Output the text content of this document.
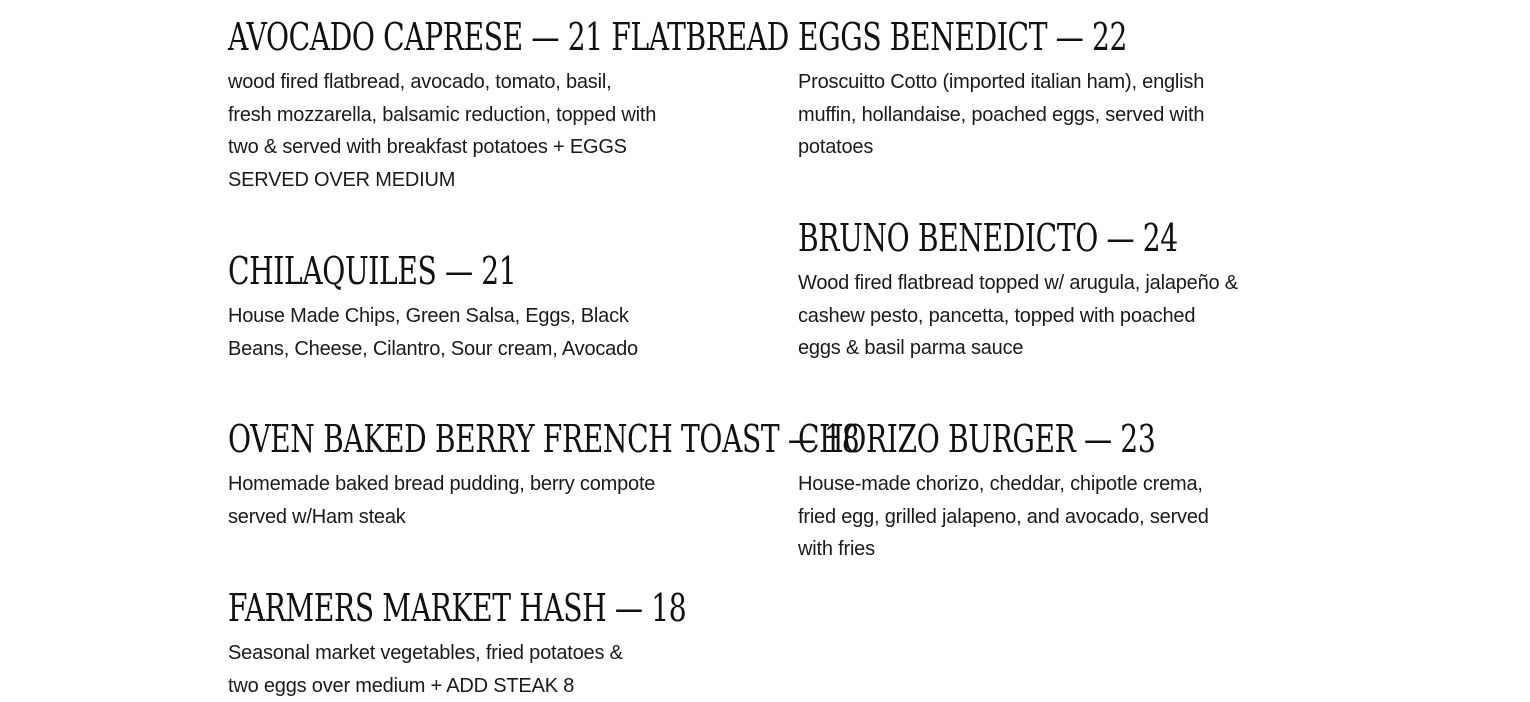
AVOCADO CAPRESE — 21 FLATBREAD

wood fired flatbread, avocado, tomato, basil, fresh mozzarella, balsamic reduction, topped with two & served with breakfast potatoes + EGGS SERVED OVER MEDIUM

CHILAQUILES — 21

House Made Chips, Green Salsa, Eggs, Black Beans, Cheese, Cilantro, Sour cream, Avocado

OVEN BAKED BERRY FRENCH TOAST — 18

Homemade baked bread pudding, berry compote served w/Ham steak

FARMERS MARKET HASH — 18

Seasonal market vegetables, fried potatoes & two eggs over medium + ADD STEAK 8

EGGS BENEDICT — 22

Proscuitto Cotto (imported italian ham), english muffin, hollandaise, poached eggs, served with potatoes

BRUNO BENEDICTO — 24

Wood fired flatbread topped w/ arugula, jalapeño & cashew pesto, pancetta, topped with poached eggs & basil parma sauce

CHORIZO BURGER — 23

House-made chorizo, cheddar, chipotle crema, fried egg, grilled jalapeno, and avocado, served with fries
